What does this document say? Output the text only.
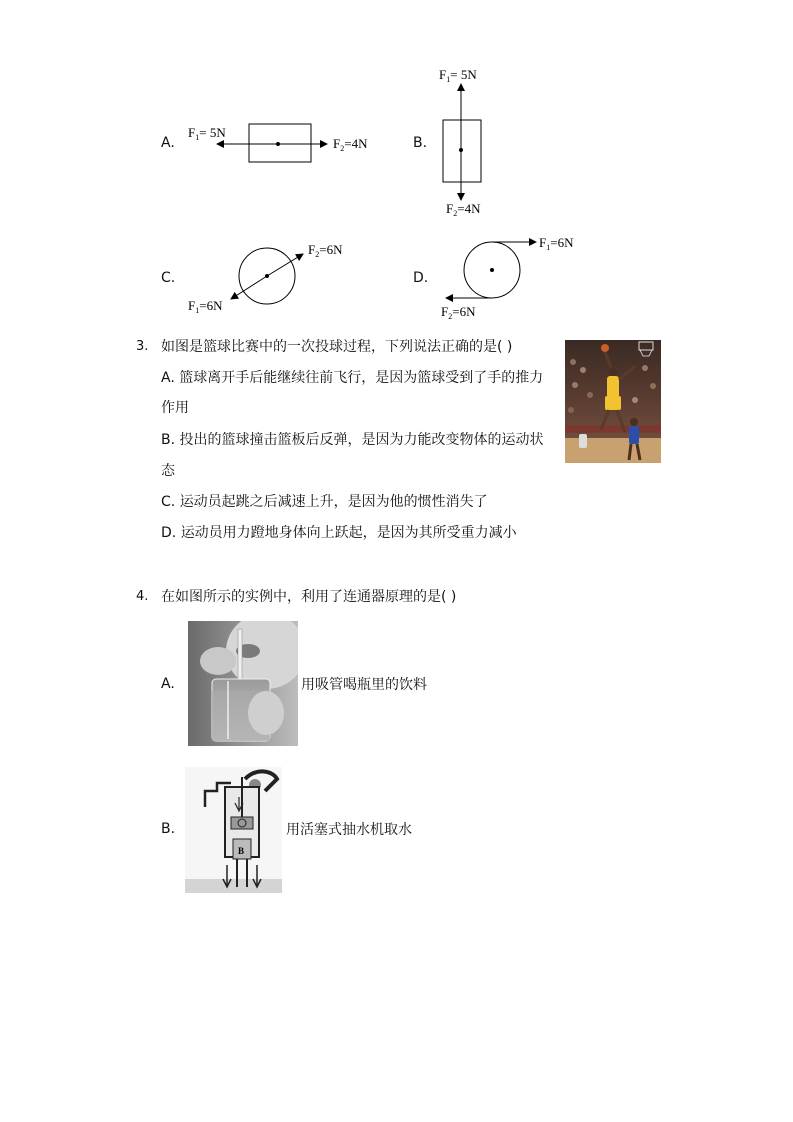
A.
$F_1= 5N$
$F_2=4N$	B.
$F_1= 5N$
$F_2=4N$
C.
$F_2=6N$
$F_1=6N$
D.
$F_1=6N$
$F_2=6N$
3. 如图是篮球比赛中的一次投球过程，下列说法正确的是( )
A. 篮球离开手后能继续往前飞行，是因为篮球受到了手的推力
作用
B. 投出的篮球撞击篮板后反弹，是因为力能改变物体的运动状
态
C. 运动员起跳之后减速上升，是因为他的惯性消失了
D. 运动员用力蹬地身体向上跃起，是因为其所受重力减小
4. 在如图所示的实例中，利用了连通器原理的是( )
A.	用吸管喝瓶里的饮料
B.
B
用活塞式抽水机取水
